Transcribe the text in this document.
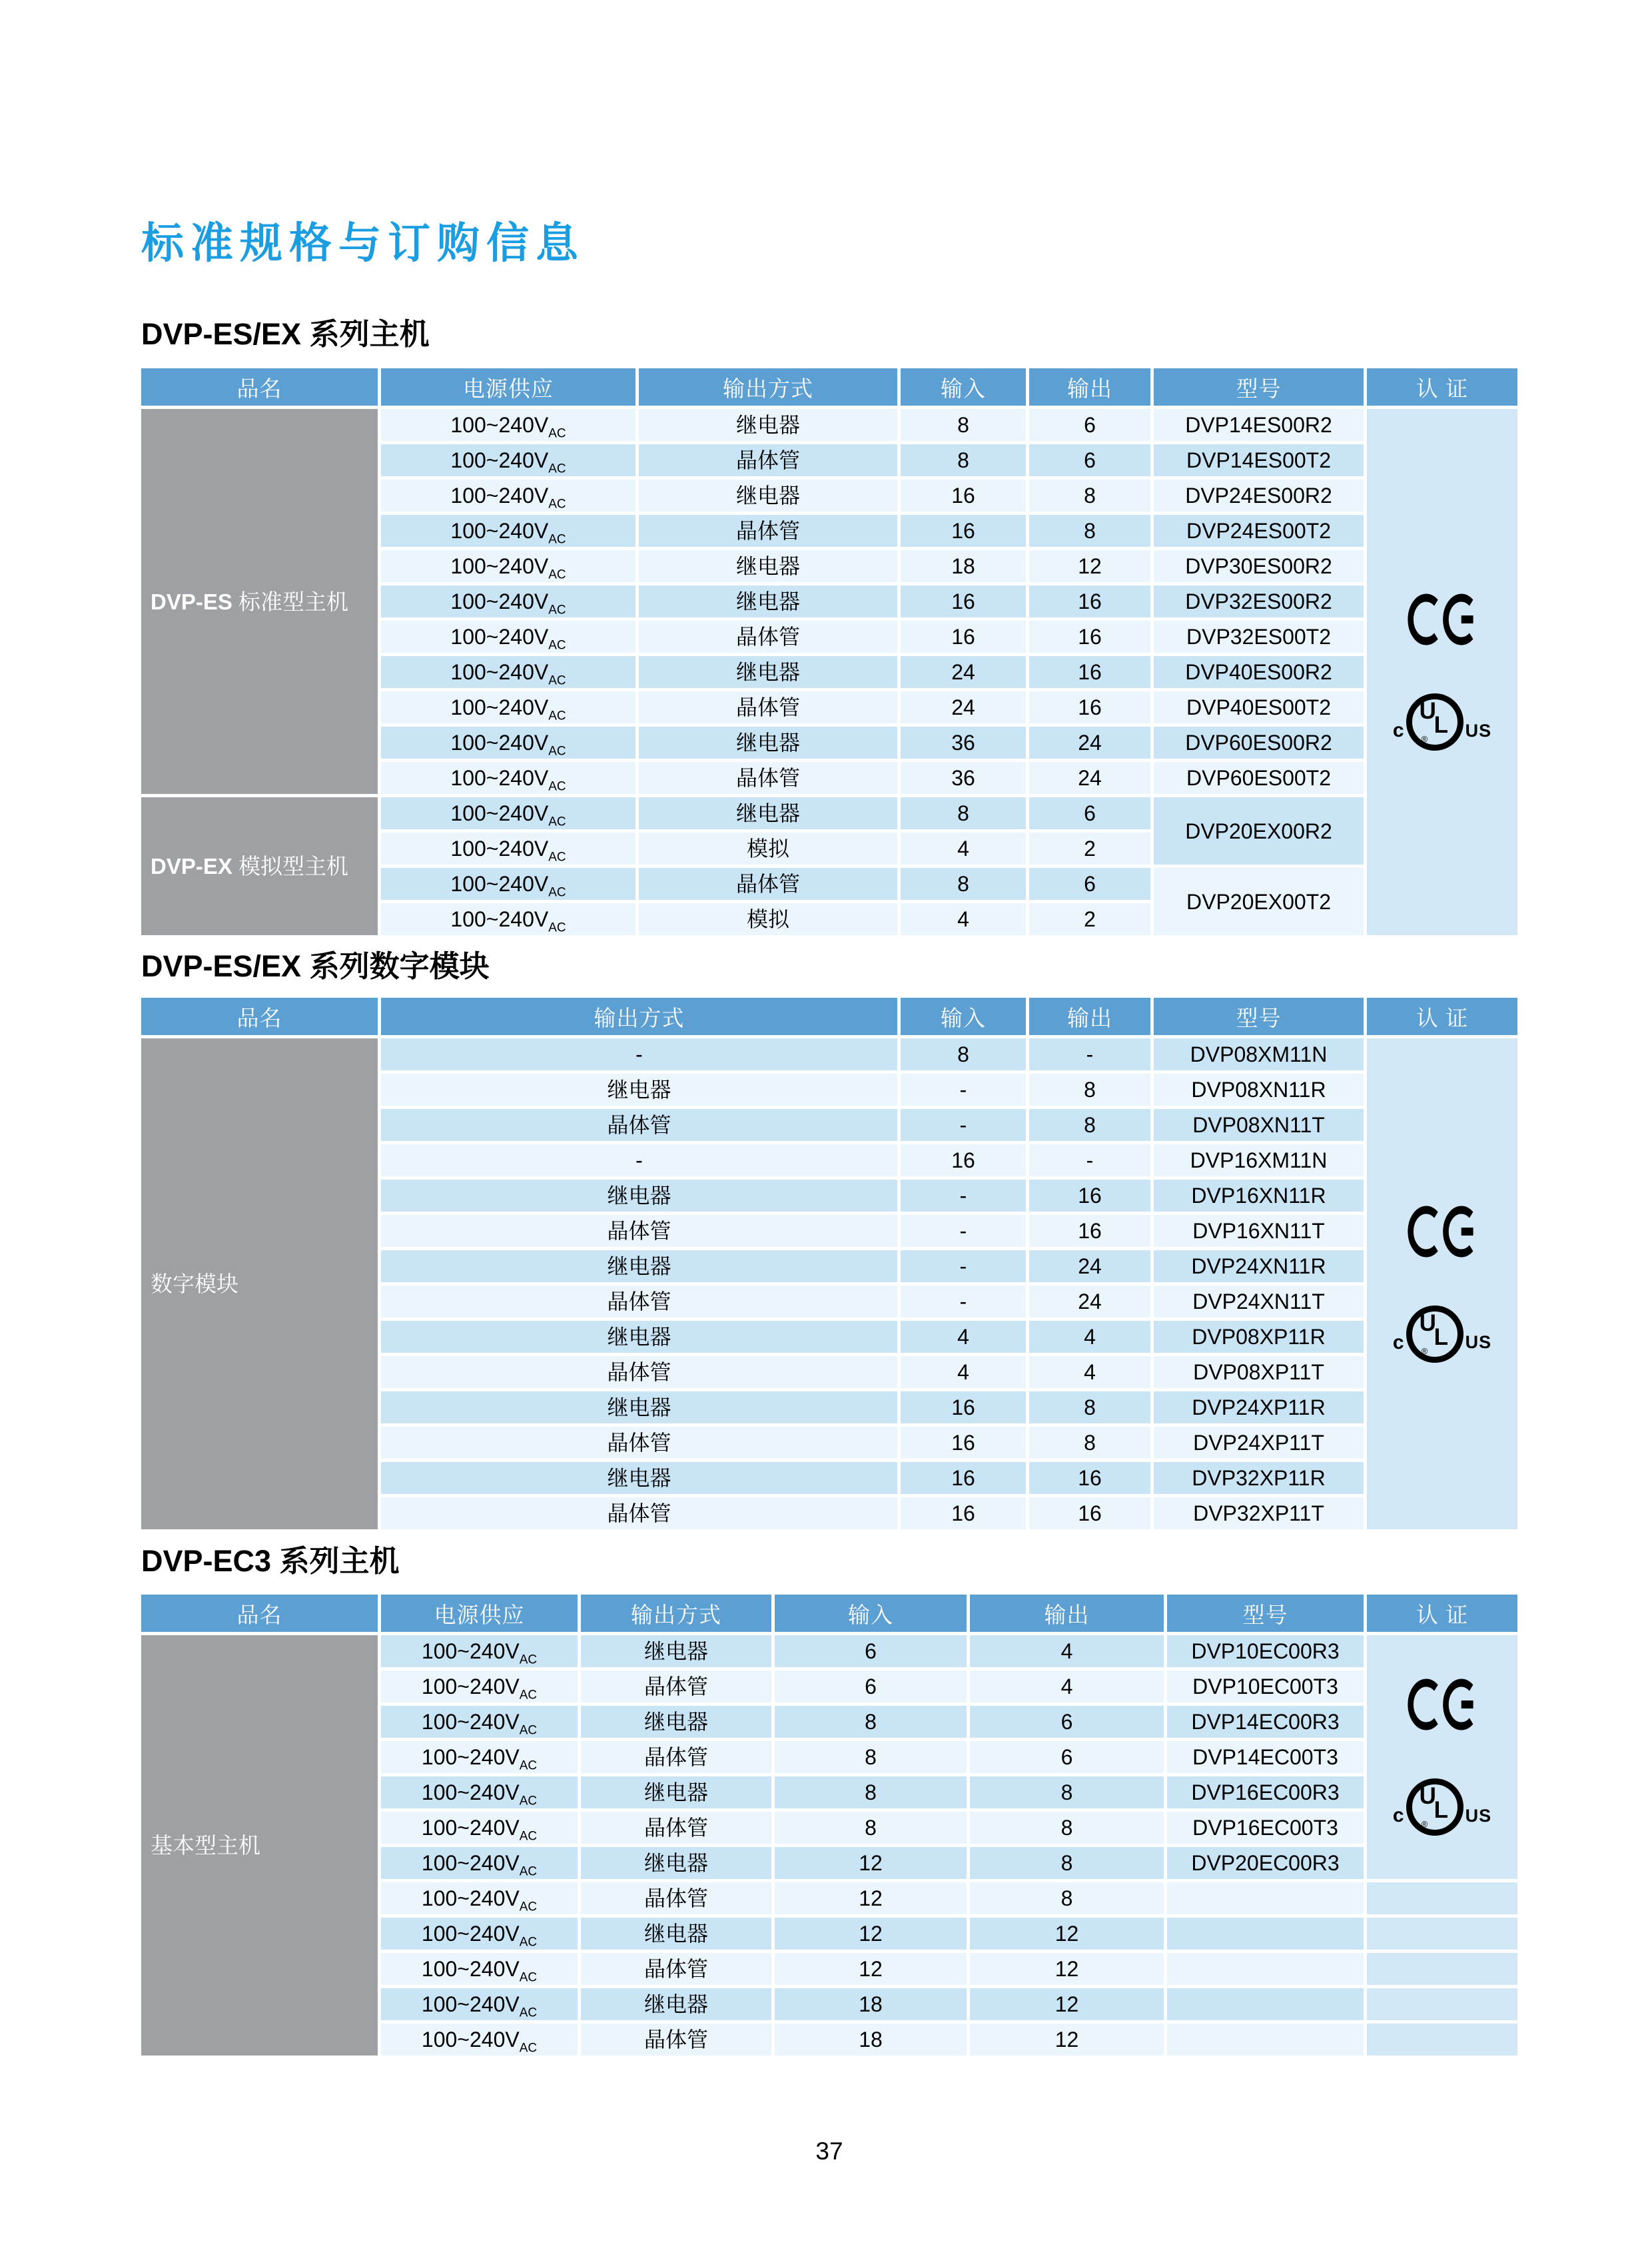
标准规格与订购信息
DVP-ES/EX 系列主机
品名	电源供应	输出方式	输入	输出	型号	认 证
DVP-ES 标准型主机
$100\sim 240V_{AC}$	继电器	8	6	DVP14ES00R2
$100\sim 240V_{AC}$	晶体管	8	6	DVP14ES00T2
$100\sim 240V_{AC}$	继电器	16	8	DVP24ES00R2
$100\sim 240V_{AC}$	晶体管	16	8	DVP24ES00T2
$100\sim 240V_{AC}$	继电器	18	12	DVP30ES00R2
$100\sim 240V_{AC}$	继电器	16	16	DVP32ES00R2
$100\sim 240V_{AC}$	晶体管	16	16	DVP32ES00T2
$100\sim 240V_{AC}$	继电器	24	16	DVP40ES00R2
$100\sim 240V_{AC}$	晶体管	24	16	DVP40ES00T2
$100\sim 240V_{AC}$	继电器	36	24	DVP60ES00R2
$100\sim 240V_{AC}$	晶体管	36	24	DVP60ES00T2
DVP-EX 模拟型主机
$100\sim 240V_{AC}$	继电器	8	6
DVP20EX00R2
$100\sim 240V_{AC}$	模拟	4	2
$100\sim 240V_{AC}$	晶体管	8	6
DVP20EX00T2
$100\sim 240V_{AC}$	模拟	4	2
c
U
L
® US
DVP-ES/EX 系列数字模块
品名	输出方式	输入	输出	型号	认 证
数字模块
-	8	-	DVP08XM11N
继电器	-	8	DVP08XN11R
晶体管	-	8	DVP08XN11T
-	16	-	DVP16XM11N
继电器	-	16	DVP16XN11R
晶体管	-	16	DVP16XN11T
继电器	-	24	DVP24XN11R
晶体管	-	24	DVP24XN11T
继电器	4	4	DVP08XP11R
晶体管	4	4	DVP08XP11T
继电器	16	8	DVP24XP11R
晶体管	16	8	DVP24XP11T
继电器	16	16	DVP32XP11R
晶体管	16	16	DVP32XP11T
c
U
L
® US
DVP-EC3 系列主机
品名	电源供应	输出方式	输入	输出	型号	认 证
基本型主机
$100\sim 240V_{AC}$	继电器	6	4	DVP10EC00R3
$100\sim 240V_{AC}$	晶体管	6	4	DVP10EC00T3
$100\sim 240V_{AC}$	继电器	8	6	DVP14EC00R3
$100\sim 240V_{AC}$	晶体管	8	6	DVP14EC00T3
$100\sim 240V_{AC}$	继电器	8	8	DVP16EC00R3
$100\sim 240V_{AC}$	晶体管	8	8	DVP16EC00T3
$100\sim 240V_{AC}$	继电器	12	8	DVP20EC00R3
$100\sim 240V_{AC}$	晶体管	12	8
$100\sim 240V_{AC}$	继电器	12	12
$100\sim 240V_{AC}$	晶体管	12	12
$100\sim 240V_{AC}$	继电器	18	12
$100\sim 240V_{AC}$	晶体管	18	12
c
U
L
® US
37
